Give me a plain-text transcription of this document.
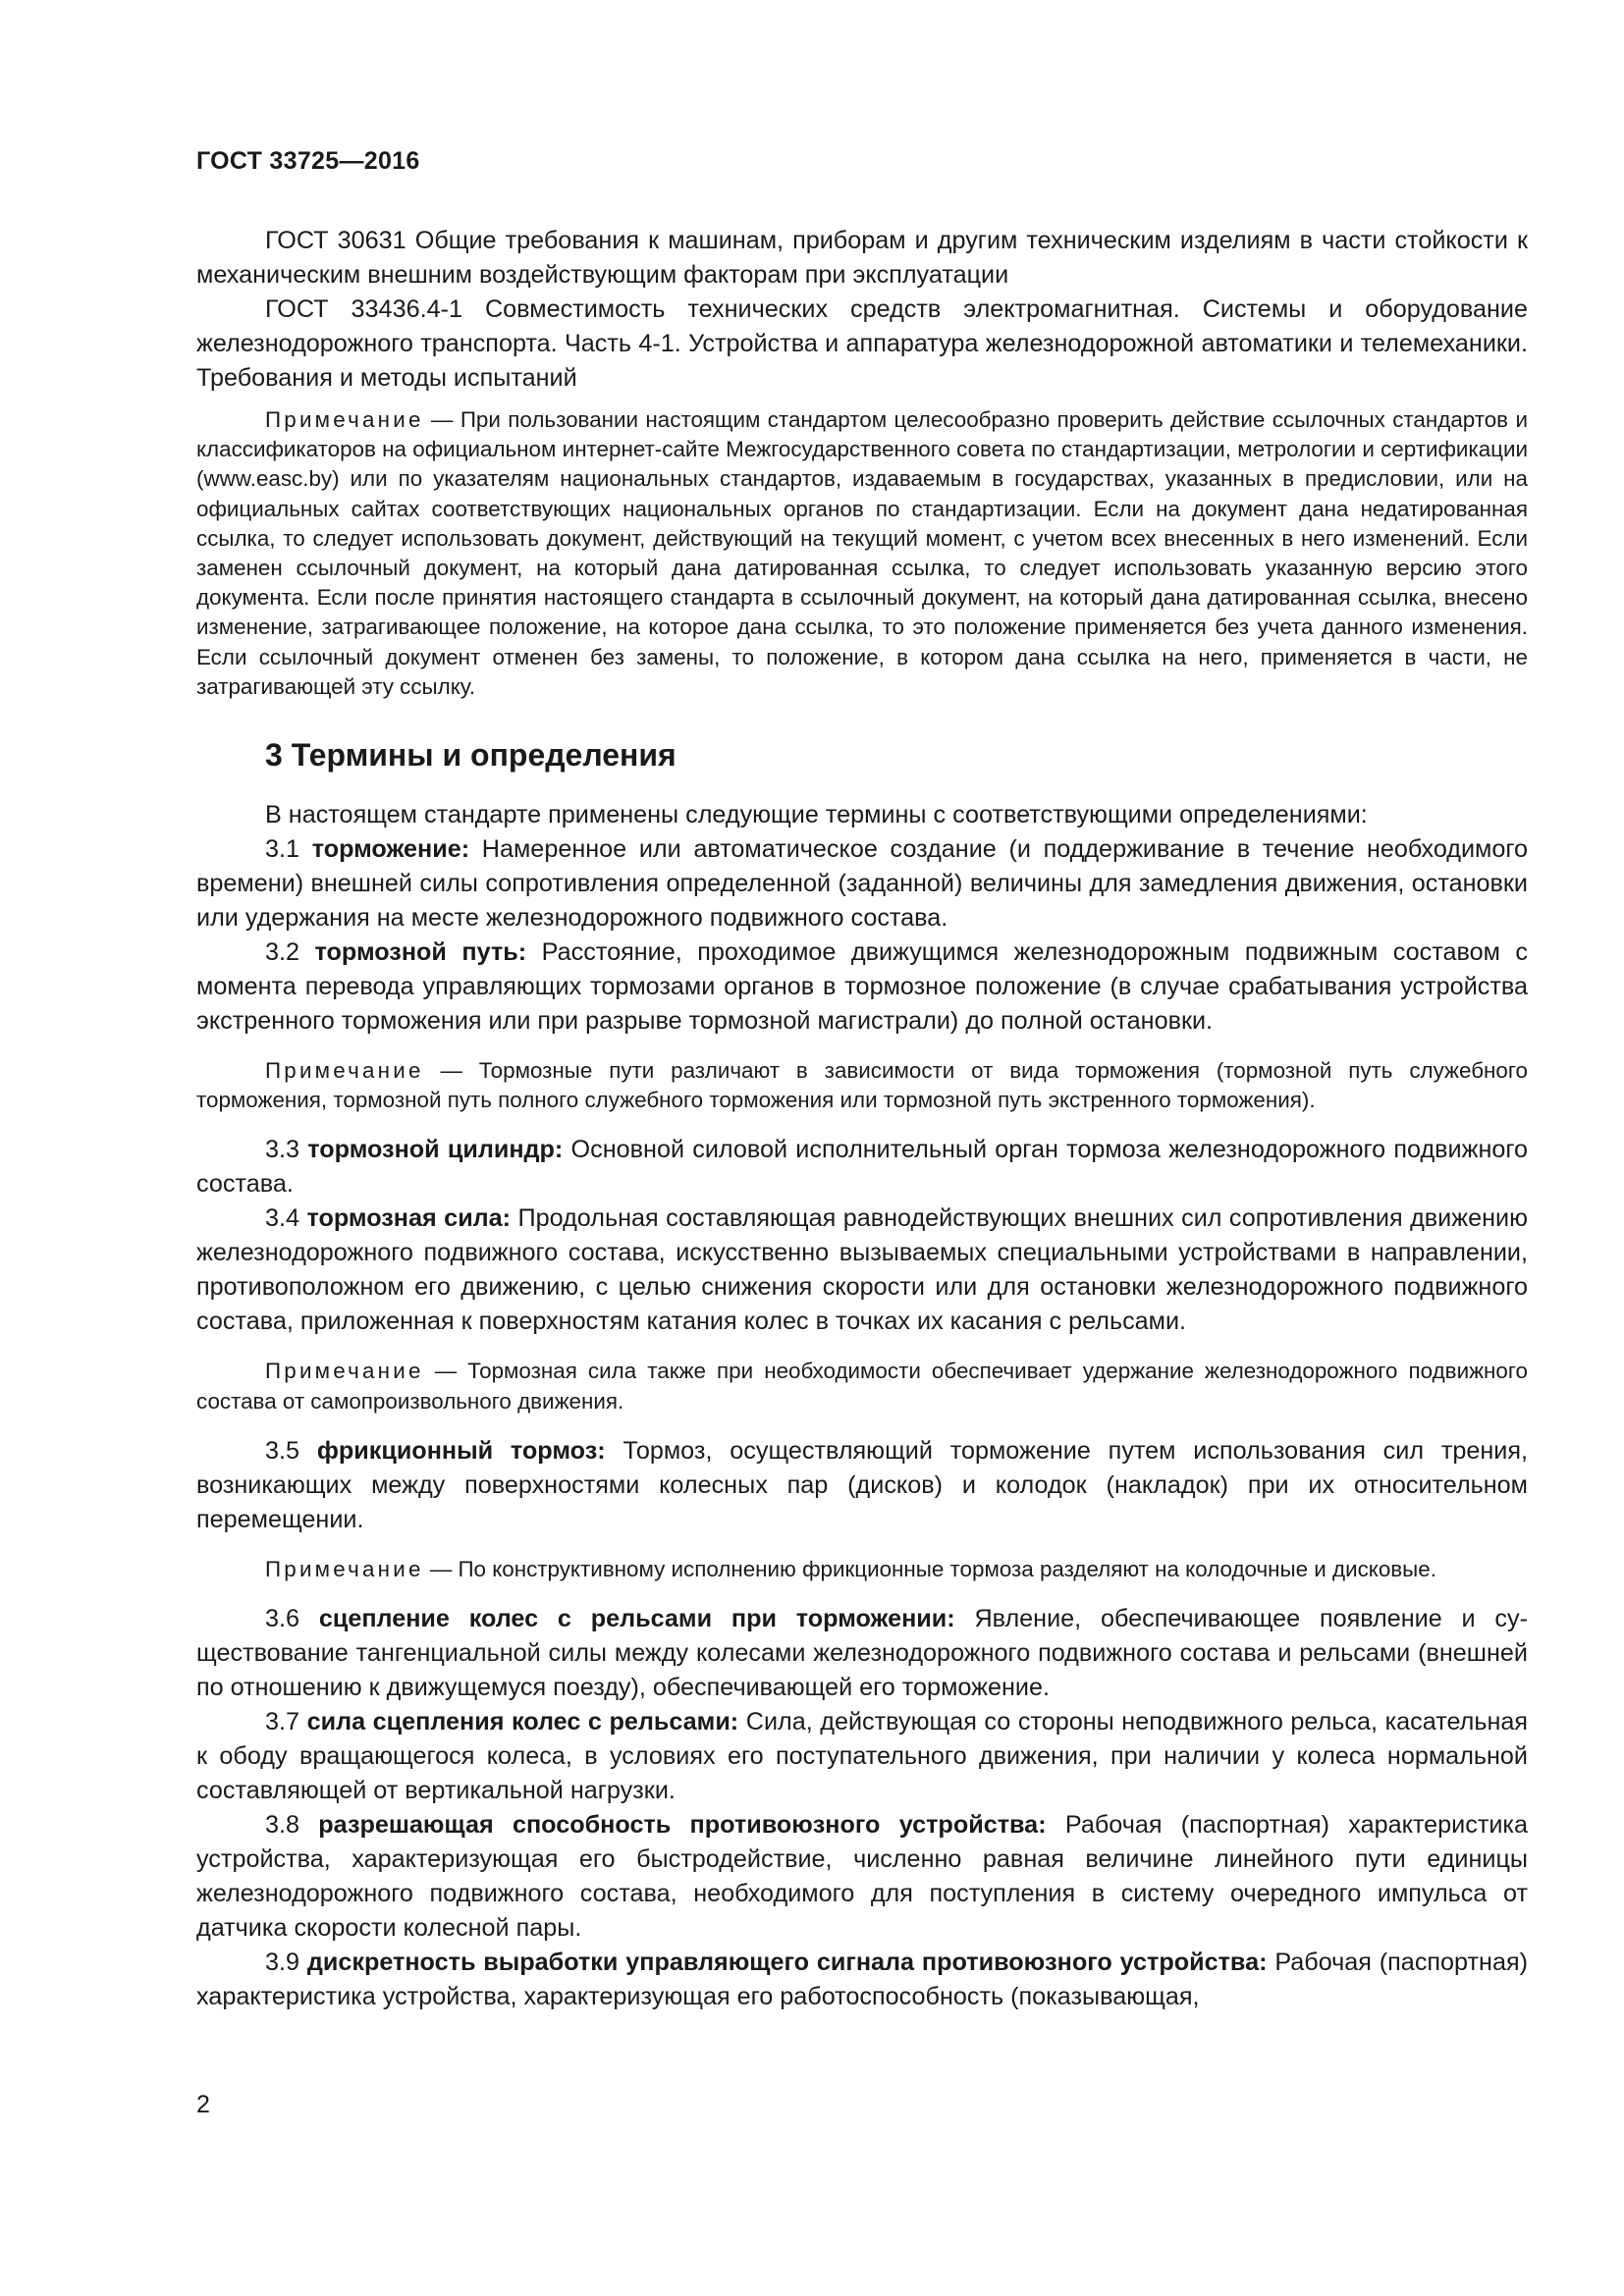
ГОСТ 33725—2016

ГОСТ 30631 Общие требования к машинам, приборам и другим техническим изделиям в части стойкости к механическим внешним воздействующим факторам при эксплуатации

ГОСТ 33436.4-1 Совместимость технических средств электромагнитная. Системы и оборудование железнодорожного транспорта. Часть 4-1. Устройства и аппаратура железнодорожной автоматики и телемеханики. Требования и методы испытаний

Примечание — При пользовании настоящим стандартом целесообразно проверить действие ссылочных стандартов и классификаторов на официальном интернет-сайте Межгосударственного совета по стандартизации, метрологии и сертификации (www.easc.by) или по указателям национальных стандартов, издаваемым в государствах, указанных в предисловии, или на официальных сайтах соответствующих национальных органов по стандартизации. Если на документ дана недатированная ссылка, то следует использовать документ, действующий на текущий момент, с учетом всех внесенных в него изменений. Если заменен ссылочный документ, на который дана датированная ссылка, то следует использовать указанную версию этого документа. Если после принятия настоящего стандарта в ссылочный документ, на который дана датированная ссылка, внесено изменение, затрагивающее положение, на которое дана ссылка, то это положение применяется без учета данного изменения. Если ссылочный документ отменен без замены, то положение, в котором дана ссылка на него, применяется в части, не затрагивающей эту ссылку.

3 Термины и определения

В настоящем стандарте применены следующие термины с соответствующими определениями:

3.1 торможение: Намеренное или автоматическое создание (и поддерживание в течение необходимого времени) внешней силы сопротивления определенной (заданной) величины для замедления движения, остановки или удержания на месте железнодорожного подвижного состава.

3.2 тормозной путь: Расстояние, проходимое движущимся железнодорожным подвижным составом с момента перевода управляющих тормозами органов в тормозное положение (в случае срабатывания устройства экстренного торможения или при разрыве тормозной магистрали) до полной остановки.

Примечание — Тормозные пути различают в зависимости от вида торможения (тормозной путь служебного торможения, тормозной путь полного служебного торможения или тормозной путь экстренного торможения).

3.3 тормозной цилиндр: Основной силовой исполнительный орган тормоза железнодорожного подвижного состава.

3.4 тормозная сила: Продольная составляющая равнодействующих внешних сил сопротивления движению железнодорожного подвижного состава, искусственно вызываемых специальными устройствами в направлении, противоположном его движению, с целью снижения скорости или для остановки железнодорожного подвижного состава, приложенная к поверхностям катания колес в точках их касания с рельсами.

Примечание — Тормозная сила также при необходимости обеспечивает удержание железнодорожного подвижного состава от самопроизвольного движения.

3.5 фрикционный тормоз: Тормоз, осуществляющий торможение путем использования сил трения, возникающих между поверхностями колесных пар (дисков) и колодок (накладок) при их относительном перемещении.

Примечание — По конструктивному исполнению фрикционные тормоза разделяют на колодочные и дисковые.

3.6 сцепление колес с рельсами при торможении: Явление, обеспечивающее появление и существование тангенциальной силы между колесами железнодорожного подвижного состава и рельсами (внешней по отношению к движущемуся поезду), обеспечивающей его торможение.

3.7 сила сцепления колес с рельсами: Сила, действующая со стороны неподвижного рельса, касательная к ободу вращающегося колеса, в условиях его поступательного движения, при наличии у колеса нормальной составляющей от вертикальной нагрузки.

3.8 разрешающая способность противоюзного устройства: Рабочая (паспортная) характеристика устройства, характеризующая его быстродействие, численно равная величине линейного пути единицы железнодорожного подвижного состава, необходимого для поступления в систему очередного импульса от датчика скорости колесной пары.

3.9 дискретность выработки управляющего сигнала противоюзного устройства: Рабочая (паспортная) характеристика устройства, характеризующая его работоспособность (показывающая,

2
